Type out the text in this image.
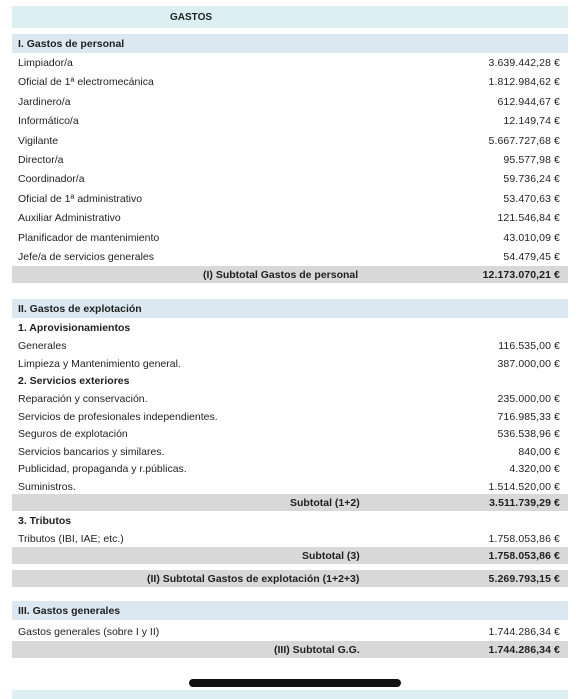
GASTOS
I. Gastos de personal
Limpiador/a	3.639.442,28 €
Oficial de 1ª electromecánica	1.812.984,62 €
Jardinero/a	612.944,67 €
Informático/a	12.149,74 €
Vigilante	5.667.727,68 €
Director/a	95.577,98 €
Coordinador/a	59.736,24 €
Oficial de 1ª administrativo	53.470,63 €
Auxiliar Administrativo	121.546,84 €
Planificador de mantenimiento	43.010,09 €
Jefe/a de servicios generales	54.479,45 €
(I) Subtotal Gastos de personal	12.173.070,21 €
II. Gastos de explotación
1. Aprovisionamientos
Generales	116.535,00 €
Limpieza y Mantenimiento general.	387.000,00 €
2. Servicios exteriores
Reparación y conservación.	235.000,00 €
Servicios de profesionales independientes.	716.985,33 €
Seguros de explotación	536.538,96 €
Servicios bancarios y similares.	840,00 €
Publicidad, propaganda y r.públicas.	4.320,00 €
Suministros.	1.514.520,00 €
Subtotal (1+2)	3.511.739,29 €
3. Tributos
Tributos (IBI, IAE; etc.)	1.758.053,86 €
Subtotal (3)	1.758.053,86 €
(II) Subtotal Gastos de explotación (1+2+3)	5.269.793,15 €
III. Gastos generales
Gastos generales (sobre I y II)	1.744.286,34 €
(III) Subtotal G.G.	1.744.286,34 €
